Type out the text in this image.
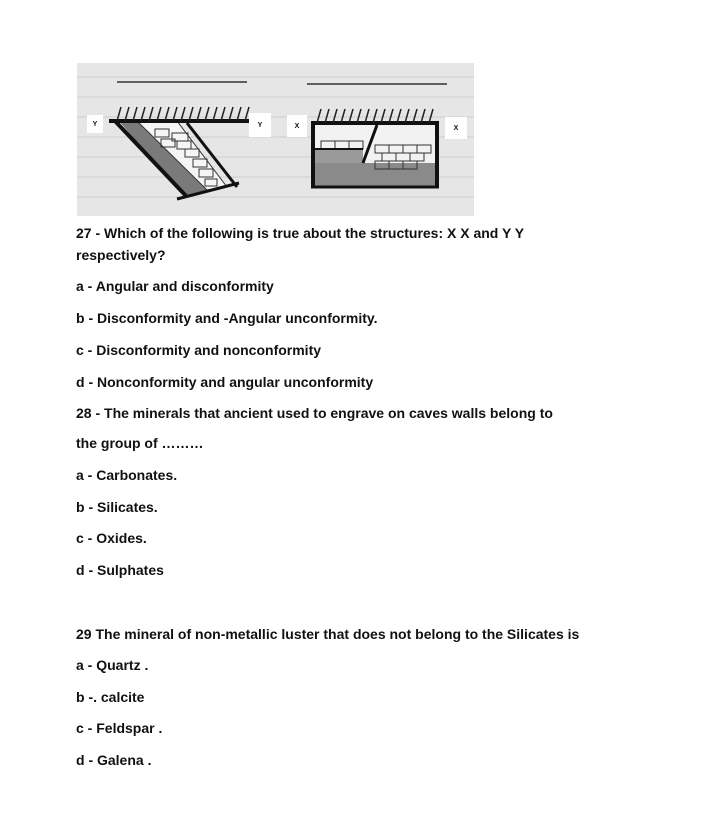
Y	Y	X	X
27 - Which of the following is true about the structures: X X and Y Y
respectively?
a - Angular and disconformity
b - Disconformity and -Angular unconformity.
c - Disconformity and nonconformity
d - Nonconformity and angular unconformity
28 - The minerals that ancient used to engrave on caves walls belong to
the group of ………
a - Carbonates.
b - Silicates.
c - Oxides.
d - Sulphates
29 The mineral of non-metallic luster that does not belong to the Silicates is
a - Quartz .
b -. calcite
c - Feldspar .
d - Galena .
